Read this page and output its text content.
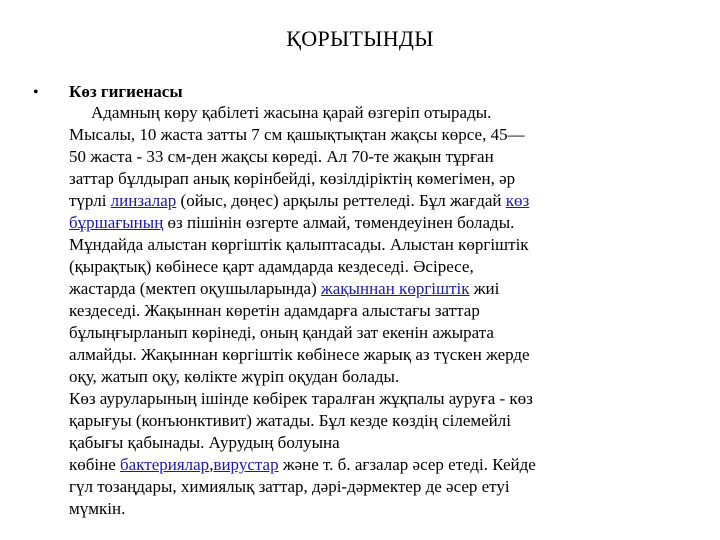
ҚОРЫТЫНДЫ
• Көз гигиенасы
Адамның көру қабілеті жасына қарай өзгеріп отырады.
Мысалы, 10 жаста затты 7 см қашықтықтан жақсы көрсе, 45—
50 жаста - 33 см-ден жақсы көреді. Ал 70-те жақын тұрған
заттар бұлдырап анық көрінбейді, көзілдіріктің көмегімен, әр
түрлі линзалар (ойыс, дөңес) арқылы реттеледі. Бұл жағдай көз
бұршағының өз пішінін өзгерте алмай, төмендеуінен болады.
Мұндайда алыстан көргіштік қалыптасады. Алыстан көргіштік
(қырақтық) көбінесе қарт адамдарда кездеседі. Әсіресе,
жастарда (мектеп оқушыларында) жақыннан көргіштік жиі
кездеседі. Жақыннан көретін адамдарға алыстағы заттар
бұлыңғырланып көрінеді, оның қандай зат екенін ажырата
алмайды. Жақыннан көргіштік көбінесе жарық аз түскен жерде
оқу, жатып оқу, көлікте жүріп оқудан болады.
Көз ауруларының ішінде көбірек таралған жұқпалы ауруға - көз
қарығуы (конъюнктивит) жатады. Бұл кезде көздің сілемейлі
қабығы қабынады. Аурудың болуына
көбіне бактериялар,вирустар және т. б. ағзалар әсер етеді. Кейде
гүл тозаңдары, химиялық заттар, дәрі-дәрмектер де әсер етуі
мүмкін.
